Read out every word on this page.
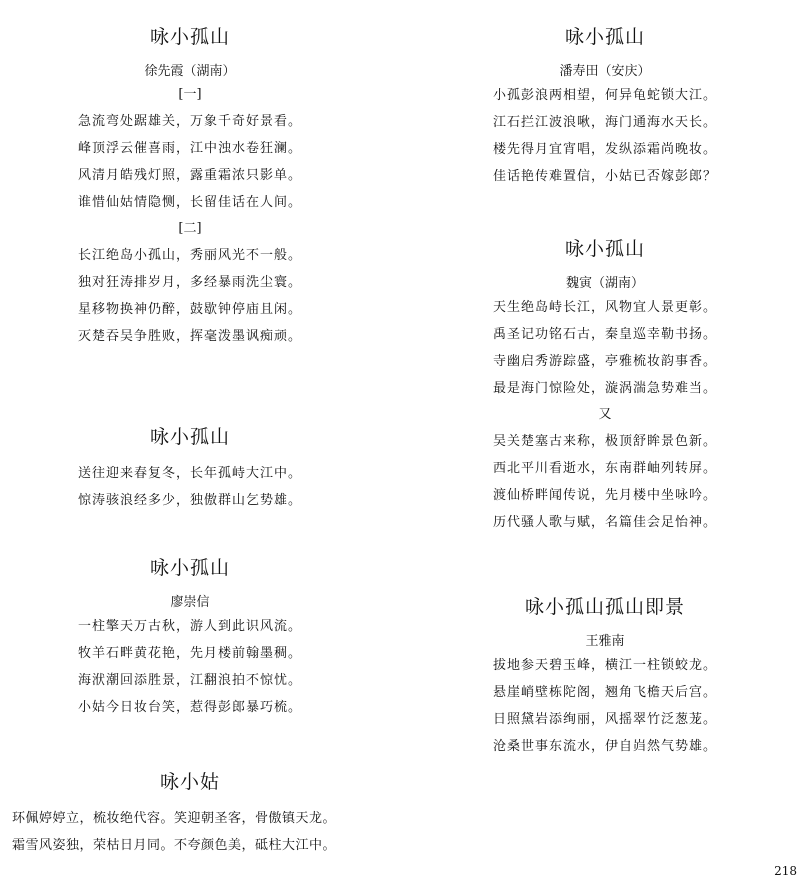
咏小孤山
徐先霞（湖南）
[一]
急流弯处踞雄关，万象千奇好景看。
峰顶浮云催喜雨，江中浊水卷狂澜。
风清月皓残灯照，露重霜浓只影单。
谁惜仙姑情隐恻，长留佳话在人间。
[二]
长江绝岛小孤山，秀丽风光不一般。
独对狂涛排岁月，多经暴雨洗尘寰。
星移物换神仍醉，鼓歇钟停庙且闲。
灭楚吞吴争胜败，挥毫泼墨讽痴顽。
咏小孤山
送往迎来春复冬，长年孤峙大江中。
惊涛骇浪经多少，独傲群山乞势雄。
咏小孤山
廖崇信
一柱擎天万古秋，游人到此识风流。
牧羊石畔黄花艳，先月楼前翰墨稠。
海洑潮回添胜景，江翻浪拍不惊忧。
小姑今日妆台笑，惹得彭郎暴巧梳。
咏小姑
环佩婷婷立，梳妆绝代容。笑迎朝圣客，骨傲镇天龙。
霜雪风姿独，荣枯日月同。不夸颜色美，砥柱大江中。
咏小孤山
潘寿田（安庆）
小孤彭浪两相望，何异龟蛇锁大江。
江石拦江波浪啾，海门通海水天长。
楼先得月宜宵唱，发纵添霜尚晚妆。
佳话艳传难置信，小姑已否嫁彭郎？
咏小孤山
魏寅（湖南）
天生绝岛峙长江，风物宜人景更彰。
禹圣记功铭石古，秦皇巡幸勒书扬。
寺幽启秀游踪盛，亭雅梳妆韵事香。
最是海门惊险处，漩涡湍急势难当。
又
吴关楚塞古来称，极顶舒眸景色新。
西北平川看逝水，东南群岫列转屏。
渡仙桥畔闻传说，先月楼中坐咏吟。
历代骚人歌与赋，名篇佳会足怡神。
咏小孤山孤山即景
王雅南
拔地参天碧玉峰，横江一柱锁蛟龙。
悬崖峭壁栋陀阁，翘角飞檐天后宫。
日照黛岩添绚丽，风摇翠竹泛葱茏。
沧桑世事东流水，伊自岿然气势雄。
218
